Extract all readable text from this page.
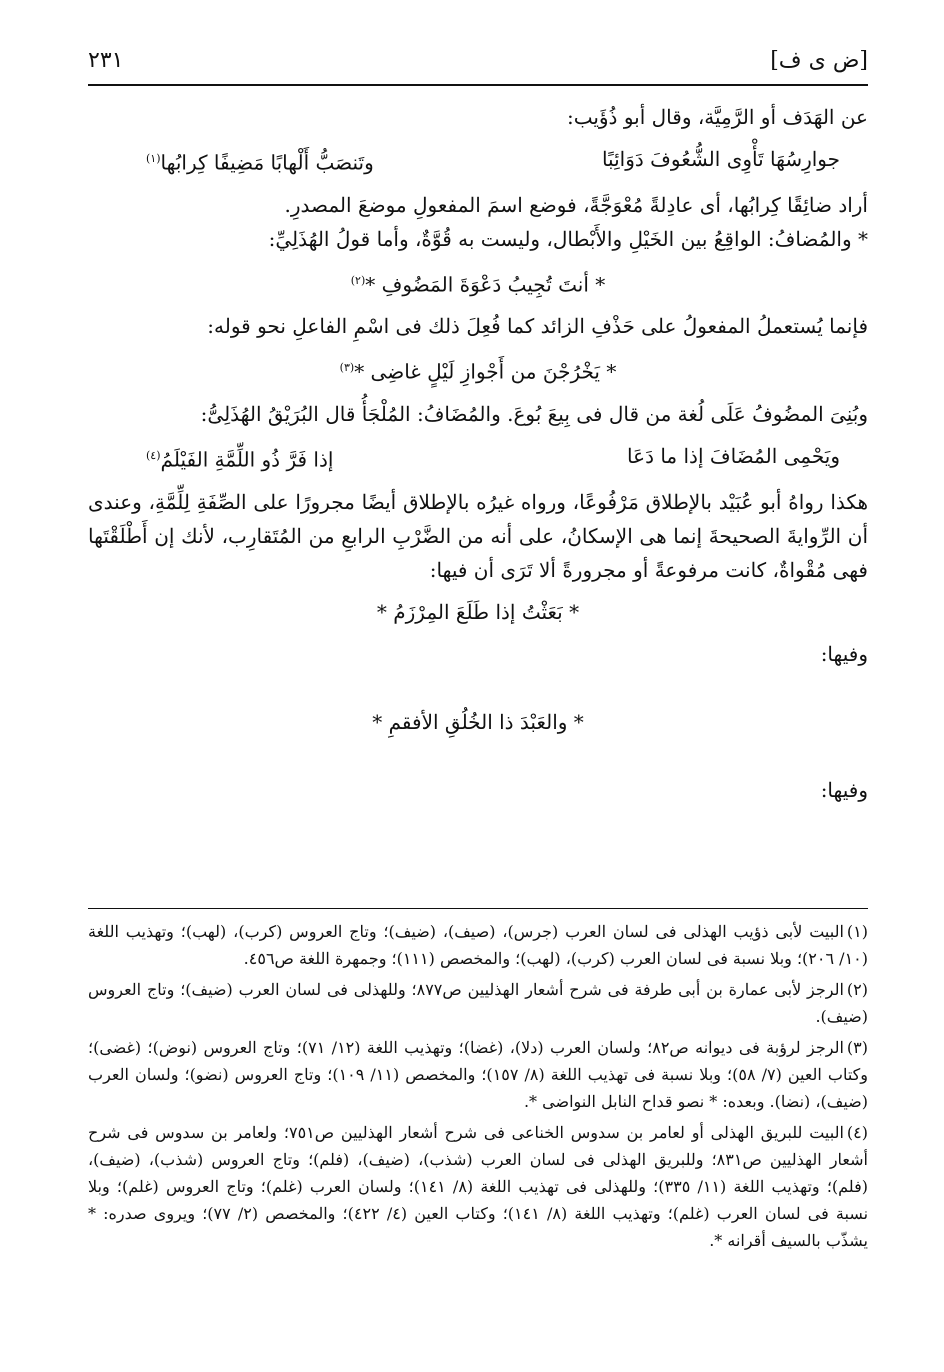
[ض ى ف]
٢٣١

عن الهَدَف أو الرَّمِيَّة، وقال أبو ذُؤَيب:

جوارِسُهَا تَأْوِى الشُّعُوفَ دَوَائِبًا
وتَنصَبُّ أَلْهابًا مَضِيفًا كِرابُها$^{(١)}$

أراد ضائِقًا كِرابُها، أى عادِلةً مُعْوَجَّةً، فوضع اسمَ المفعولِ موضعَ المصدرِ.

* والمُضافُ: الواقِعُ بين الخَيْلِ والأَبْطال، وليست به قُوَّةٌ، وأما قولُ الهُذَلِيِّ:

* أنتَ تُجِيبُ دَعْوَةَ المَضُوفِ *$^{(٢)}$

فإنما يُستعملُ المفعولُ على حَذْفِ الزائد كما فُعِلَ ذلك فى اسْمِ الفاعلِ نحو قوله:

* يَخْرُجْنَ من أَجْوازِ لَيْلٍ غاضِى *$^{(٣)}$

وبُنِىَ المضُوفُ عَلَى لُغة من قال فى بِيعَ بُوعَ. والمُضَافُ: المُلْجَأُ قال البُرَيْقُ الهُذَلِىُّ:

ويَحْمِى المُضَافَ إذا ما دَعَا
إذا فَرَّ ذُو اللِّمَّةِ الفَيْلَمُ$^{(٤)}$

هكذا رواهُ أبو عُبَيْد بالإطلاق مَرْفُوعًا، ورواه غيرُه بالإطلاق أيضًا مجرورًا على الصِّفَةِ لِلِّمَّةِ، وعندى أن الرِّوايةَ الصحيحةَ إنما هى الإسكانُ، على أنه من الضَّرْبِ الرابعِ من المُتَقارِب، لأنك إن أَطْلَقْتَها فهى مُقْواةٌ، كانت مرفوعةً أو مجرورةً ألا تَرَى أن فيها:

* بَعَثْتُ إذا طَلَعَ المِرْزَمُ *

وفيها:

* والعَبْدَ ذا الخُلُقِ الأفقمِ *

وفيها:

(١)البيت لأبى ذؤيب الهذلى فى لسان العرب (جرس)، (صيف)، (ضيف)؛ وتاج العروس (كرب)، (لهب)؛ وتهذيب اللغة (١٠/ ٢٠٦)؛ وبلا نسبة فى لسان العرب (كرب)، (لهب)؛ والمخصص (١١١)؛ وجمهرة اللغة ص٤٥٦.

(٢)الرجز لأبى عمارة بن أبى طرفة فى شرح أشعار الهذليين ص٨٧٧؛ وللهذلى فى لسان العرب (ضيف)؛ وتاج العروس (ضيف).

(٣)الرجز لرؤبة فى ديوانه ص٨٢؛ ولسان العرب (دلا)، (غضا)؛ وتهذيب اللغة (١٢/ ٧١)؛ وتاج العروس (نوض)؛ (غضى)؛ وكتاب العين (٧/ ٥٨)؛ وبلا نسبة فى تهذيب اللغة (٨/ ١٥٧)؛ والمخصص (١١/ ١٠٩)؛ وتاج العروس (نضو)؛ ولسان العرب (ضيف)، (نضا). وبعده: * نصو قداح النابل النواضى *.

(٤)البيت للبريق الهذلى أو لعامر بن سدوس الخناعى فى شرح أشعار الهذليين ص٧٥١؛ ولعامر بن سدوس فى شرح أشعار الهذليين ص٨٣١؛ وللبريق الهذلى فى لسان العرب (شذب)، (ضيف)، (فلم)؛ وتاج العروس (شذب)، (ضيف)، (فلم)؛ وتهذيب اللغة (١١/ ٣٣٥)؛ وللهذلى فى تهذيب اللغة (٨/ ١٤١)؛ ولسان العرب (غلم)؛ وتاج العروس (غلم)؛ وبلا نسبة فى لسان العرب (غلم)؛ وتهذيب اللغة (٨/ ١٤١)؛ وكتاب العين (٤/ ٤٢٢)؛ والمخصص (٢/ ٧٧)؛ ويروى صدره: * يشذّب بالسيف أقرانه *.
